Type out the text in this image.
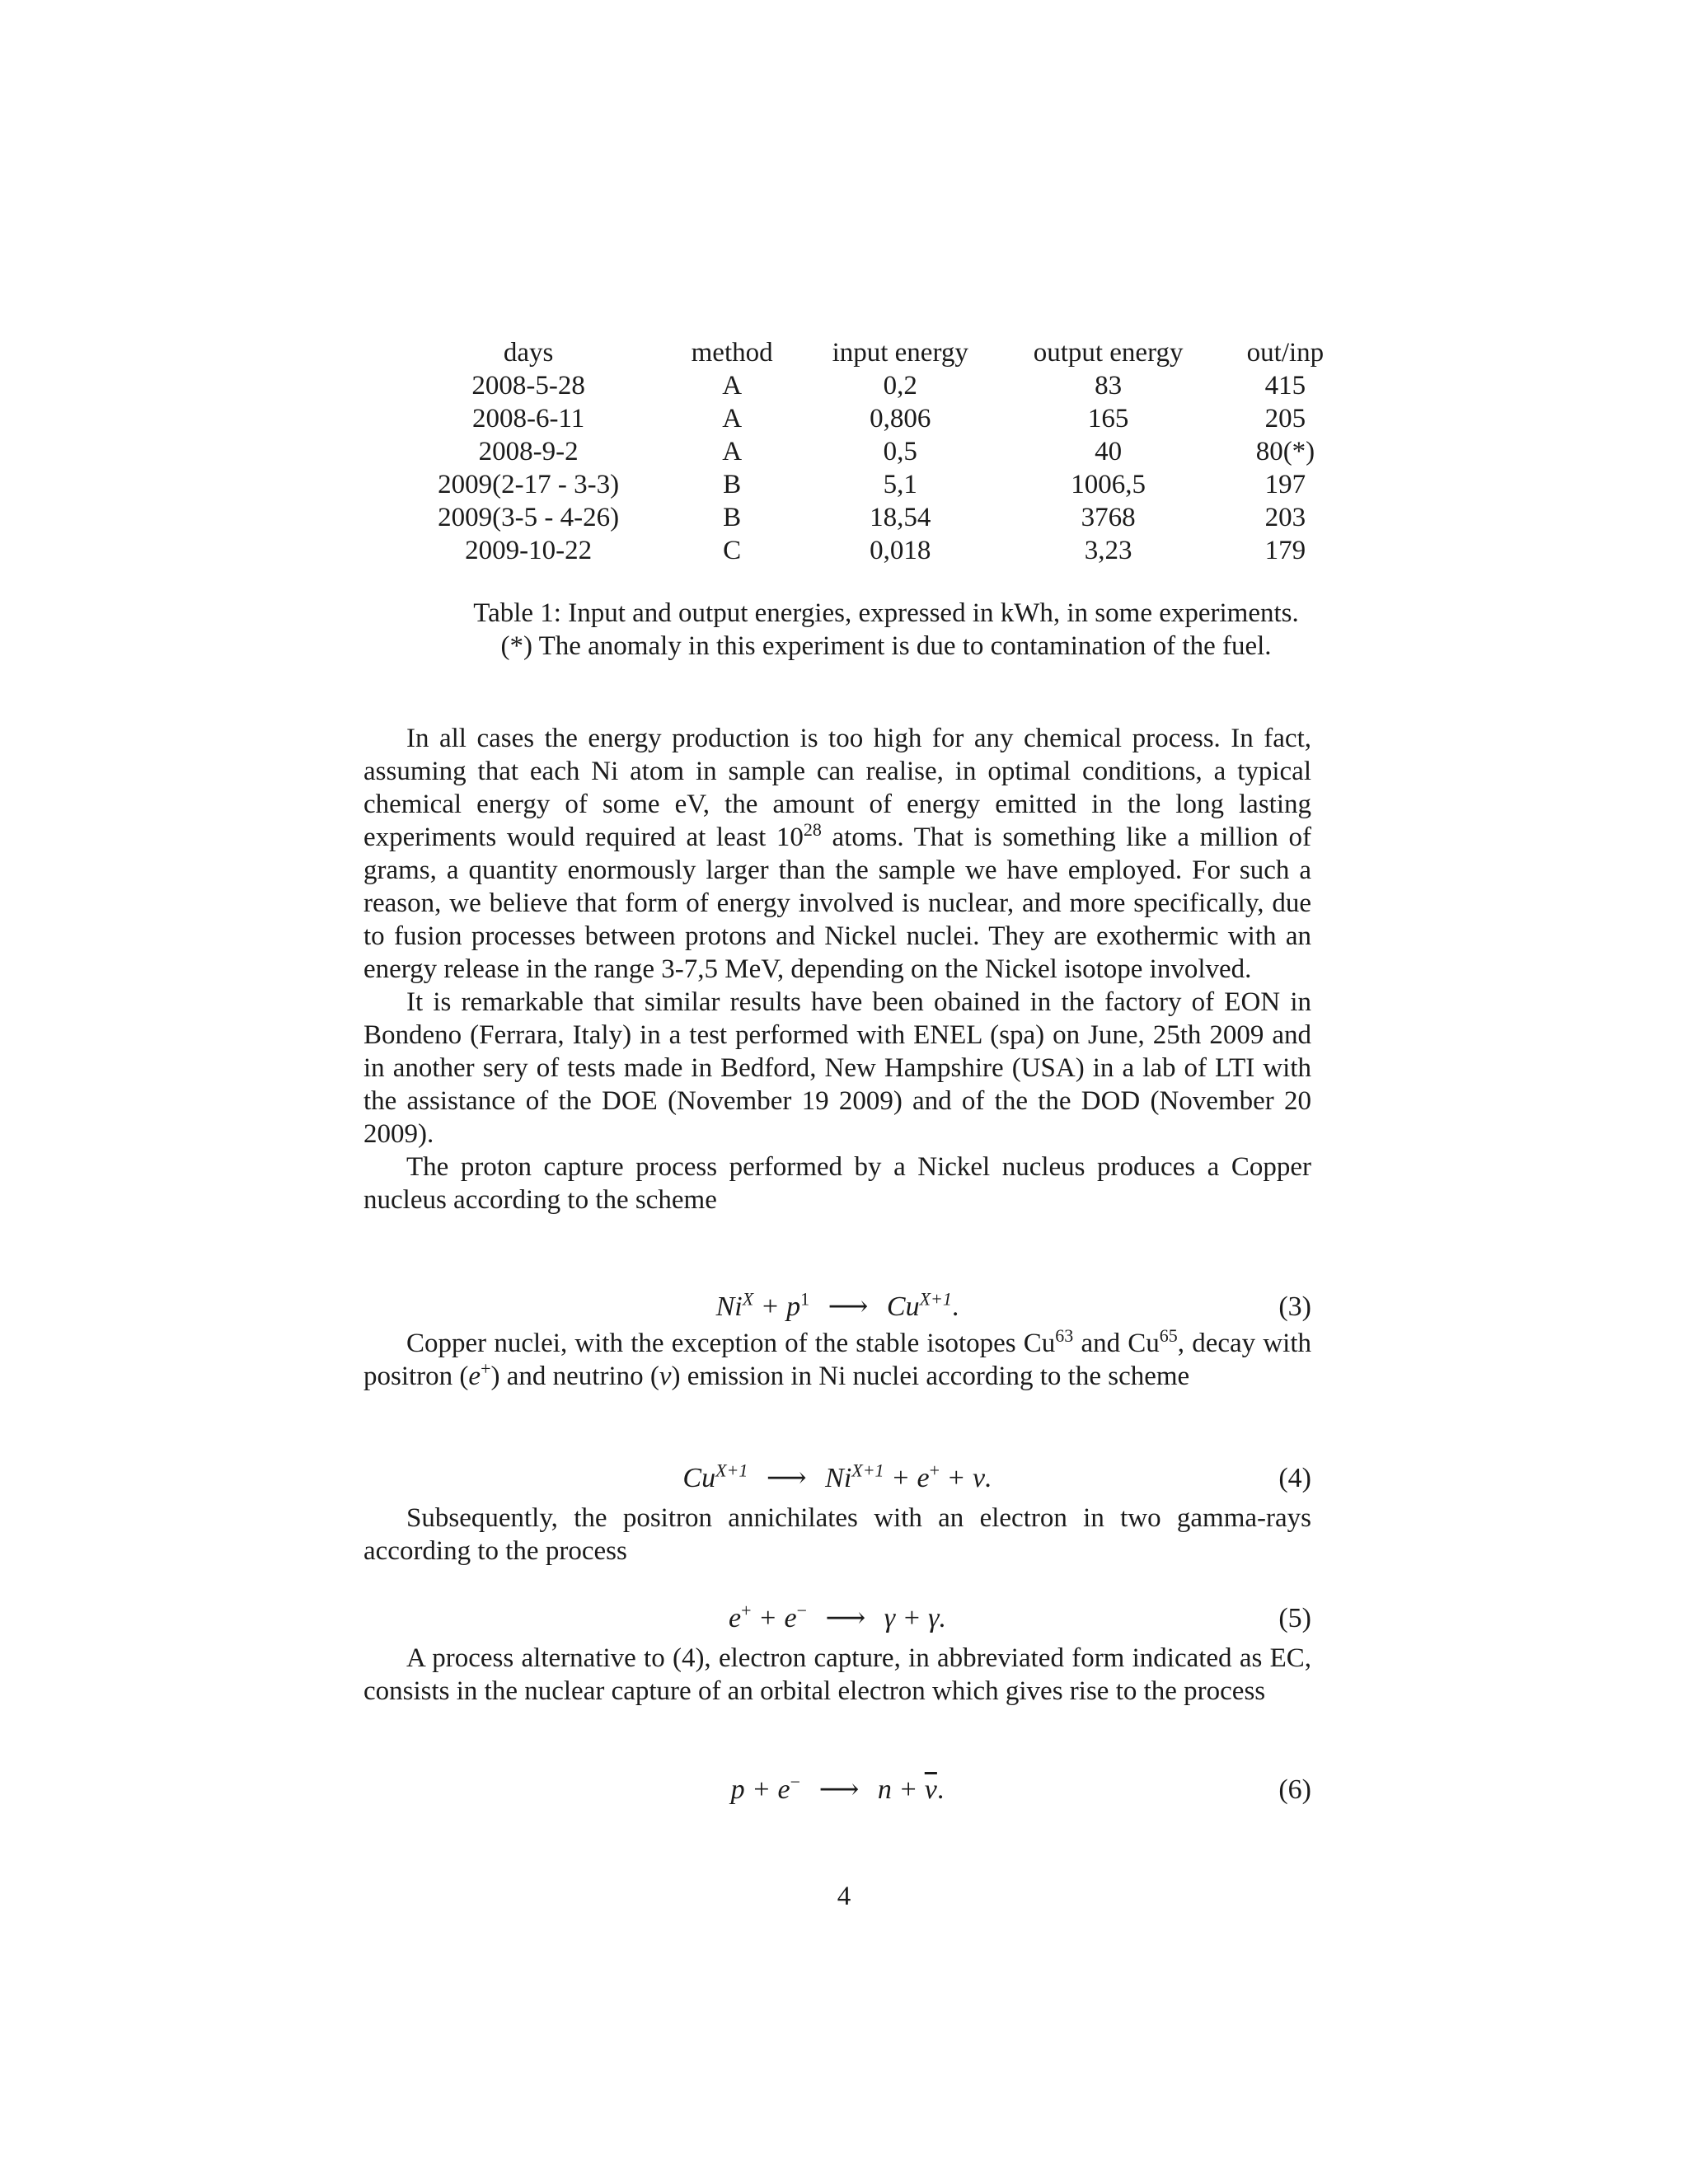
days	method	input energy	output energy	out/inp
2008-5-28	A	0,2	83	415
2008-6-11	A	0,806	165	205
2008-9-2	A	0,5	40	80(*)
2009(2-17 - 3-3)	B	5,1	1006,5	197
2009(3-5 - 4-26)	B	18,54	3768	203
2009-10-22	C	0,018	3,23	179
Table 1: Input and output energies, expressed in kWh, in some experiments.
(*) The anomaly in this experiment is due to contamination of the fuel.

In all cases the energy production is too high for any chemical process. In fact, assuming that each Ni atom in sample can realise, in optimal conditions, a typical chemical energy of some eV, the amount of energy emitted in the long lasting experiments would required at least $10^{28}$ atoms. That is something like a million of grams, a quantity enormously larger than the sample we have employed. For such a reason, we believe that form of energy involved is nuclear, and more specifically, due to fusion processes between protons and Nickel nuclei. They are exothermic with an energy release in the range 3-7,5 MeV, depending on the Nickel isotope involved.

It is remarkable that similar results have been obained in the factory of EON in Bondeno (Ferrara, Italy) in a test performed with ENEL (spa) on June, 25th 2009 and in another sery of tests made in Bedford, New Hampshire (USA) in a lab of LTI with the assistance of the DOE (November 19 2009) and of the the DOD (November 20 2009).

The proton capture process performed by a Nickel nucleus produces a Copper nucleus according to the scheme

$Ni^X + p^1$ ⟶ $Cu^{X+1}$.	(3)

Copper nuclei, with the exception of the stable isotopes Cu$^{63}$ and Cu$^{65}$, decay with positron (e+) and neutrino (ν) emission in Ni nuclei according to the scheme

$Cu^{X+1}$ ⟶ $Ni^{X+1} + e^+ + \nu$.	(4)

Subsequently, the positron annichilates with an electron in two gamma-rays according to the process

e+ + e− ⟶ γ + γ.	(5)

A process alternative to (4), electron capture, in abbreviated form indicated as EC, consists in the nuclear capture of an orbital electron which gives rise to the process

p + e− ⟶ $n + \overline{\nu}$.	(6)
4
